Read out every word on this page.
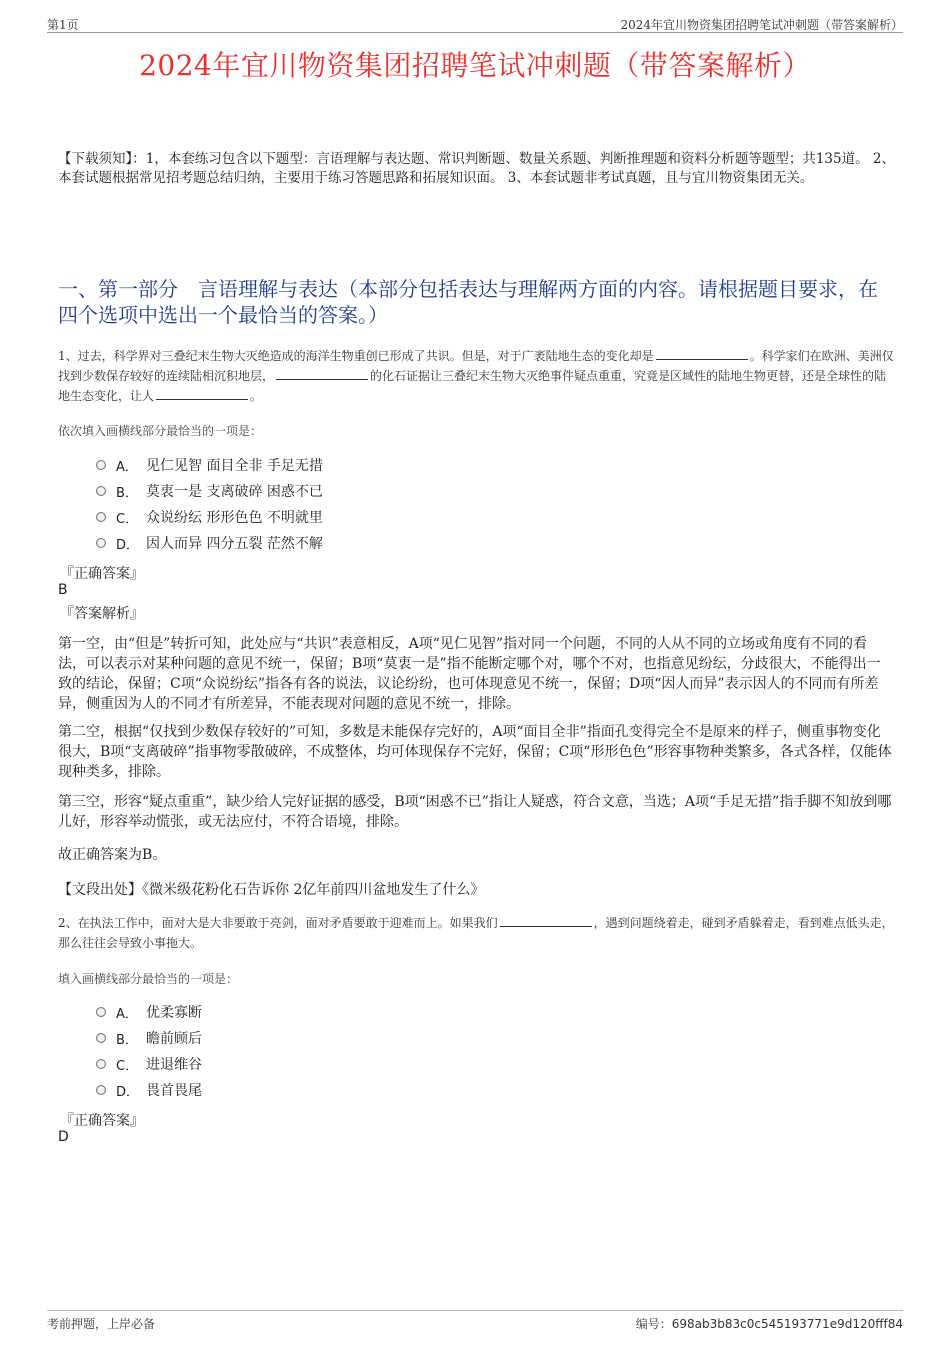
第1页	2024年宜川物资集团招聘笔试冲刺题（带答案解析）
2024年宜川物资集团招聘笔试冲刺题（带答案解析）
【下载须知】：1，本套练习包含以下题型：言语理解与表达题、常识判断题、数量关系题、判断推理题和资料分析题等题型；共135道。 2、本套试题根据常见招考题总结归纳，主要用于练习答题思路和拓展知识面。 3、本套试题非考试真题，且与宜川物资集团无关。
一、第一部分　言语理解与表达（本部分包括表达与理解两方面的内容。请根据题目要求，在四个选项中选出一个最恰当的答案。）
1、过去，科学界对三叠纪末生物大灭绝造成的海洋生物重创已形成了共识。但是，对于广袤陆地生态的变化却是	。科学家们在欧洲、美洲仅找到少数保存较好的连续陆相沉积地层，	的化石证据让三叠纪末生物大灭绝事件疑点重重，究竟是区域性的陆地生物更替，还是全球性的陆地生态变化，让人	。
依次填入画横线部分最恰当的一项是：
A． 见仁见智 面目全非 手足无措
B． 莫衷一是 支离破碎 困惑不已
C． 众说纷纭 形形色色 不明就里
D． 因人而异 四分五裂 茫然不解
『正确答案』
B
『答案解析』

第一空，由“但是”转折可知，此处应与“共识”表意相反，A项“见仁见智”指对同一个问题，不同的人从不同的立场或角度有不同的看法，可以表示对某种问题的意见不统一，保留；B项“莫衷一是”指不能断定哪个对，哪个不对，也指意见纷纭，分歧很大，不能得出一致的结论，保留；C项“众说纷纭”指各有各的说法，议论纷纷，也可体现意见不统一，保留；D项“因人而异”表示因人的不同而有所差异，侧重因为人的不同才有所差异，不能表现对问题的意见不统一，排除。

第二空，根据“仅找到少数保存较好的”可知，多数是未能保存完好的，A项“面目全非”指面孔变得完全不是原来的样子，侧重事物变化很大，B项“支离破碎”指事物零散破碎，不成整体，均可体现保存不完好，保留；C项“形形色色”形容事物种类繁多，各式各样，仅能体现种类多，排除。

第三空，形容“疑点重重”，缺少给人完好证据的感受，B项“困惑不已”指让人疑惑，符合文意，当选；A项“手足无措”指手脚不知放到哪儿好，形容举动慌张，或无法应付，不符合语境，排除。

故正确答案为B。

【文段出处】《微米级花粉化石告诉你 2亿年前四川盆地发生了什么》
2、在执法工作中，面对大是大非要敢于亮剑，面对矛盾要敢于迎难而上。如果我们	，遇到问题绕着走，碰到矛盾躲着走，看到难点低头走，那么往往会导致小事拖大。
填入画横线部分最恰当的一项是：
A． 优柔寡断
B． 瞻前顾后
C． 进退维谷
D． 畏首畏尾
『正确答案』
D
考前押题，上岸必备	编号：698ab3b83c0c545193771e9d120fff84
